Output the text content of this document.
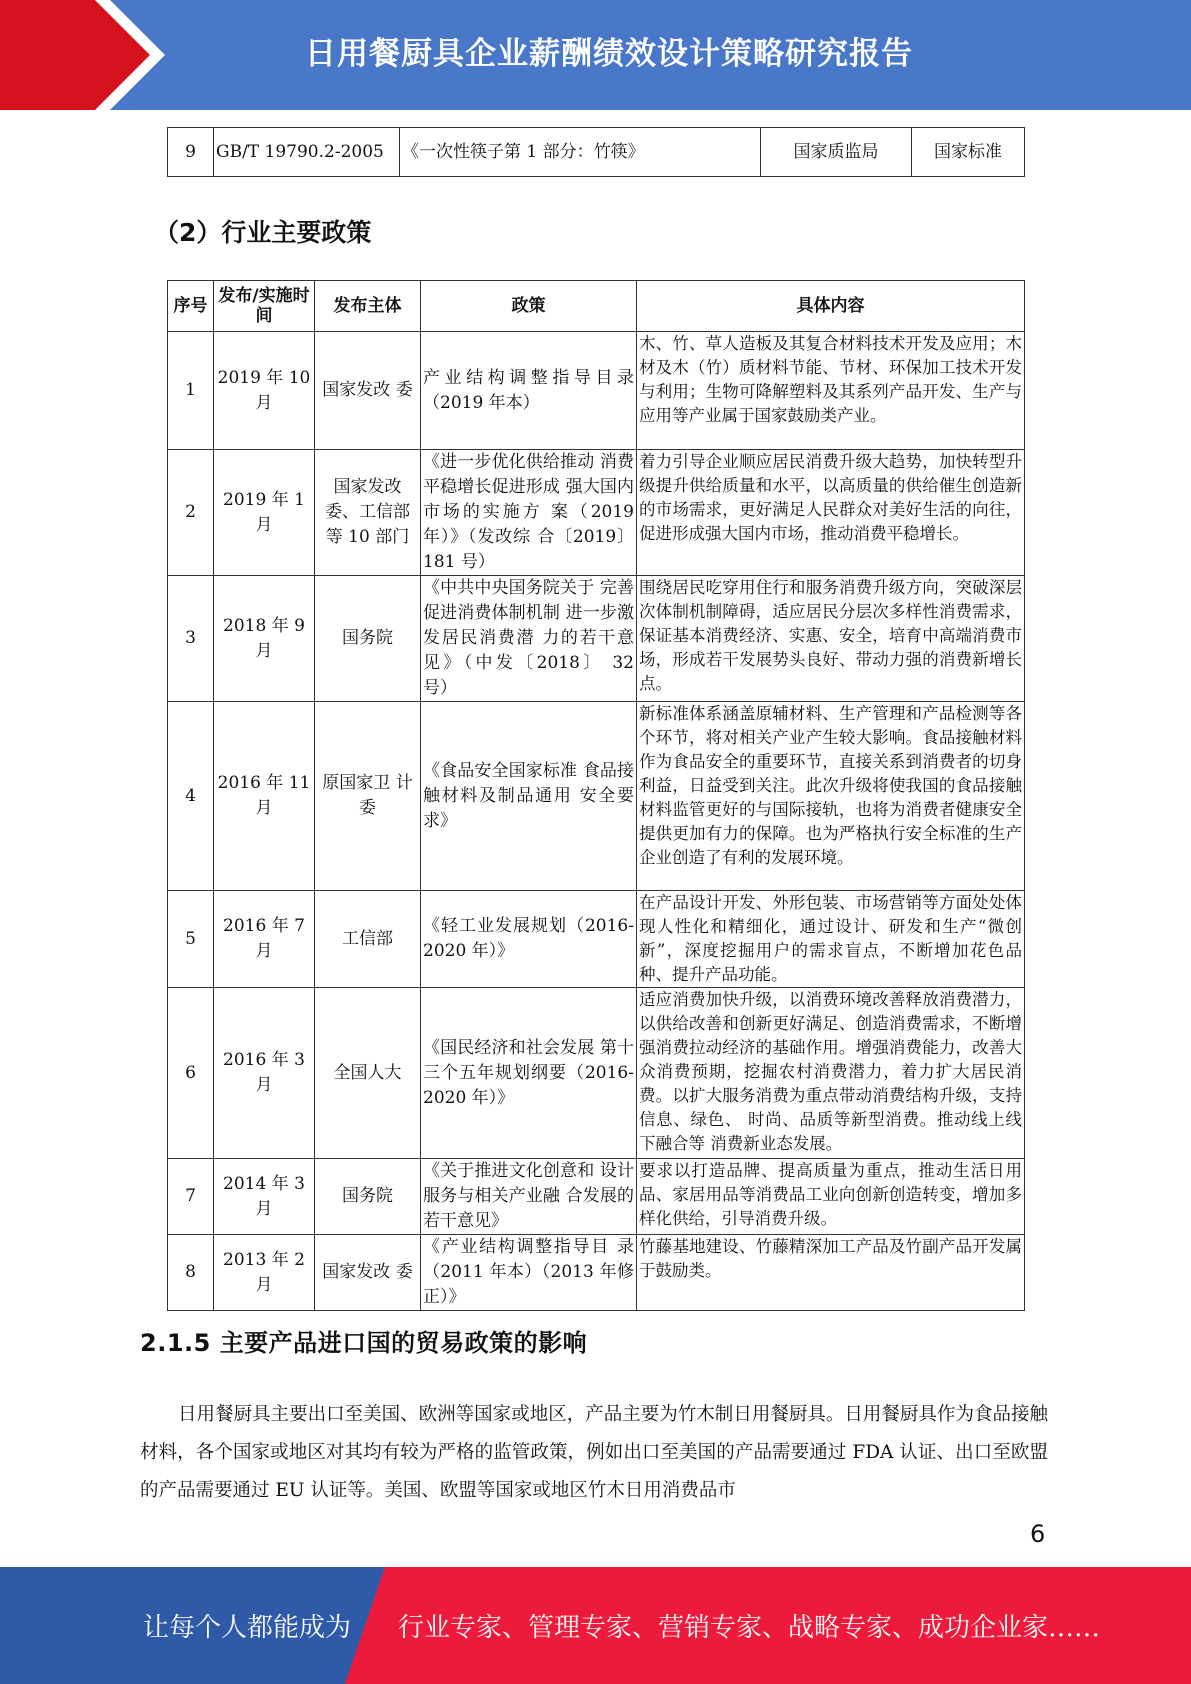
日用餐厨具企业薪酬绩效设计策略研究报告
9	GB/T 19790.2-2005	《一次性筷子第 1 部分：竹筷》	国家质监局	国家标准
（2）行业主要政策
序号	发布/实施时间	发布主体	政策	具体内容
1	2019 年 10 月	国家发改 委	产业结构调整指导目录（2019 年本）	木、竹、草人造板及其复合材料技术开发及应用；木材及木（竹）质材料节能、节材、环保加工技术开发与利用；生物可降解塑料及其系列产品开发、生产与应用等产业属于国家鼓励类产业。
2	2019 年 1 月	国家发改委、工信部等 10 部门	《进一步优化供给推动 消费平稳增长促进形成 强大国内市场的实施方 案（2019 年）》（发改综 合〔2019〕 181 号）	着力引导企业顺应居民消费升级大趋势，加快转型升级提升供给质量和水平，以高质量的供给催生创造新的市场需求，更好满足人民群众对美好生活的向往，促进形成强大国内市场，推动消费平稳增长。
3	2018 年 9 月	国务院	《中共中央国务院关于 完善促进消费体制机制 进一步激发居民消费潜 力的若干意见》（中发〔2018〕 32 号）	围绕居民吃穿用住行和服务消费升级方向，突破深层次体制机制障碍，适应居民分层次多样性消费需求，保证基本消费经济、实惠、安全，培育中高端消费市场，形成若干发展势头良好、带动力强的消费新增长点。
4	2016 年 11 月	原国家卫 计委	《食品安全国家标准 食品接触材料及制品通用 安全要求》	新标准体系涵盖原辅材料、生产管理和产品检测等各个环节，将对相关产业产生较大影响。食品接触材料作为食品安全的重要环节，直接关系到消费者的切身利益，日益受到关注。此次升级将使我国的食品接触材料监管更好的与国际接轨，也将为消费者健康安全提供更加有力的保障。也为严格执行安全标准的生产企业创造了有利的发展环境。
5	2016 年 7 月	工信部	《轻工业发展规划（2016-2020 年）》	在产品设计开发、外形包装、市场营销等方面处处体现人性化和精细化，通过设计、研发和生产“微创新”，深度挖掘用户的需求盲点，不断增加花色品种、提升产品功能。
6	2016 年 3 月	全国人大	《国民经济和社会发展 第十三个五年规划纲要（2016-2020 年）》	适应消费加快升级，以消费环境改善释放消费潜力，以供给改善和创新更好满足、创造消费需求，不断增强消费拉动经济的基础作用。增强消费能力，改善大众消费预期，挖掘农村消费潜力，着力扩大居民消费。以扩大服务消费为重点带动消费结构升级，支持信息、绿色、 时尚、品质等新型消费。推动线上线下融合等 消费新业态发展。
7	2014 年 3 月	国务院	《关于推进文化创意和 设计服务与相关产业融 合发展的若干意见》	要求以打造品牌、提高质量为重点，推动生活日用品、家居用品等消费品工业向创新创造转变，增加多样化供给，引导消费升级。
8	2013 年 2 月	国家发改 委	《产业结构调整指导目 录（2011 年本）（2013 年修正）》	竹藤基地建设、竹藤精深加工产品及竹副产品开发属于鼓励类。
2.1.5 主要产品进口国的贸易政策的影响
日用餐厨具主要出口至美国、欧洲等国家或地区，产品主要为竹木制日用餐厨具。日用餐厨具作为食品接触材料，各个国家或地区对其均有较为严格的监管政策，例如出口至美国的产品需要通过 FDA 认证、出口至欧盟的产品需要通过 EU 认证等。美国、欧盟等国家或地区竹木日用消费品市
6
让每个人都能成为 行业专家、管理专家、营销专家、战略专家、成功企业家……
